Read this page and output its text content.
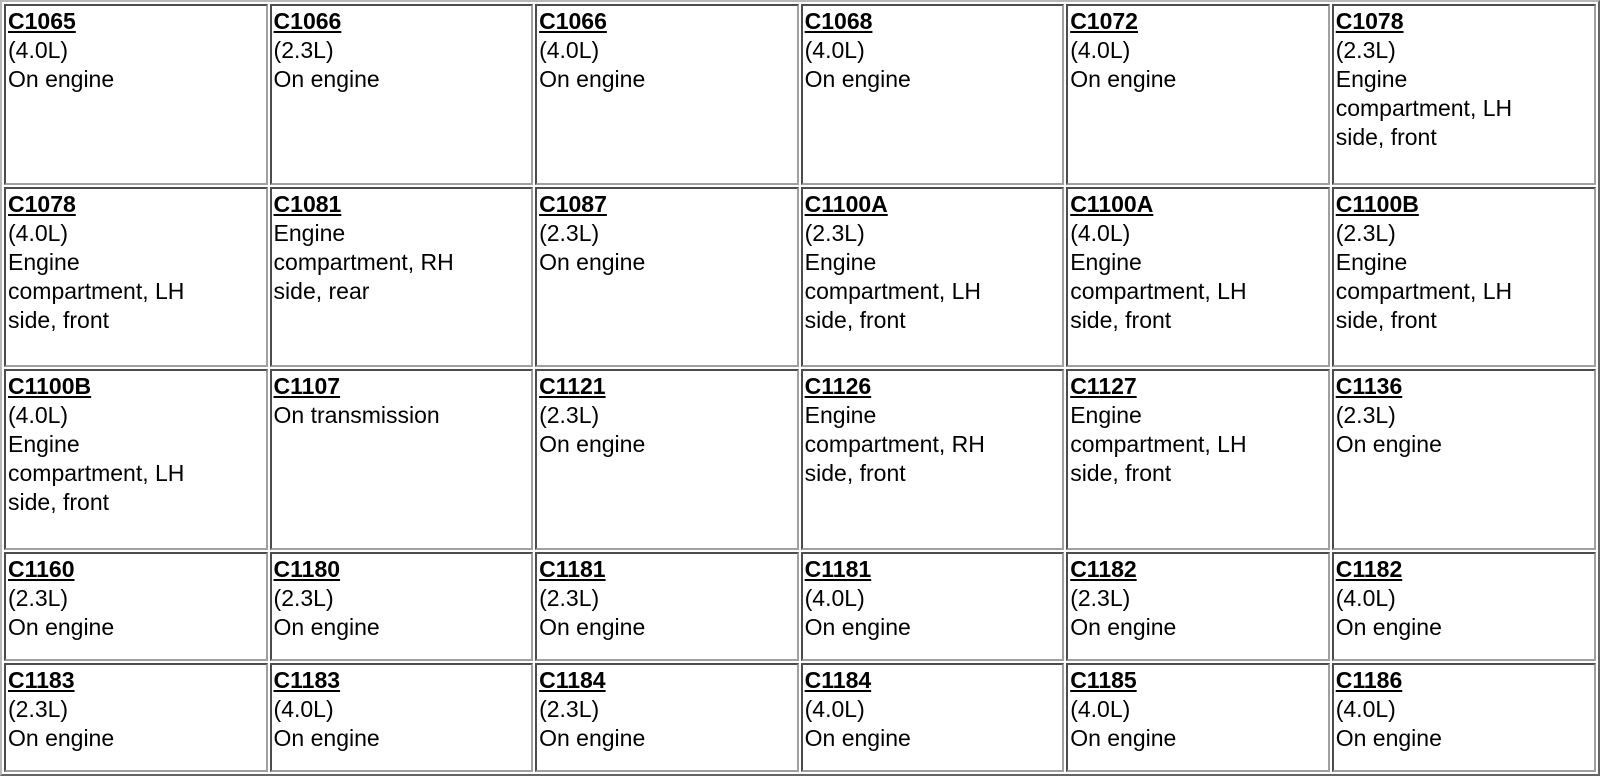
C1065
(4.0L)
On engine	C1066
(2.3L)
On engine	C1066
(4.0L)
On engine	C1068
(4.0L)
On engine	C1072
(4.0L)
On engine	C1078
(2.3L)
Engine
compartment, LH
side, front

C1078
(4.0L)
Engine
compartment, LH
side, front	C1081
Engine
compartment, RH
side, rear	C1087
(2.3L)
On engine	C1100A
(2.3L)
Engine
compartment, LH
side, front	C1100A
(4.0L)
Engine
compartment, LH
side, front	C1100B
(2.3L)
Engine
compartment, LH
side, front

C1100B
(4.0L)
Engine
compartment, LH
side, front	C1107
On transmission	C1121
(2.3L)
On engine	C1126
Engine
compartment, RH
side, front	C1127
Engine
compartment, LH
side, front	C1136
(2.3L)
On engine

C1160
(2.3L)
On engine	C1180
(2.3L)
On engine	C1181
(2.3L)
On engine	C1181
(4.0L)
On engine	C1182
(2.3L)
On engine	C1182
(4.0L)
On engine

C1183
(2.3L)
On engine	C1183
(4.0L)
On engine	C1184
(2.3L)
On engine	C1184
(4.0L)
On engine	C1185
(4.0L)
On engine	C1186
(4.0L)
On engine
